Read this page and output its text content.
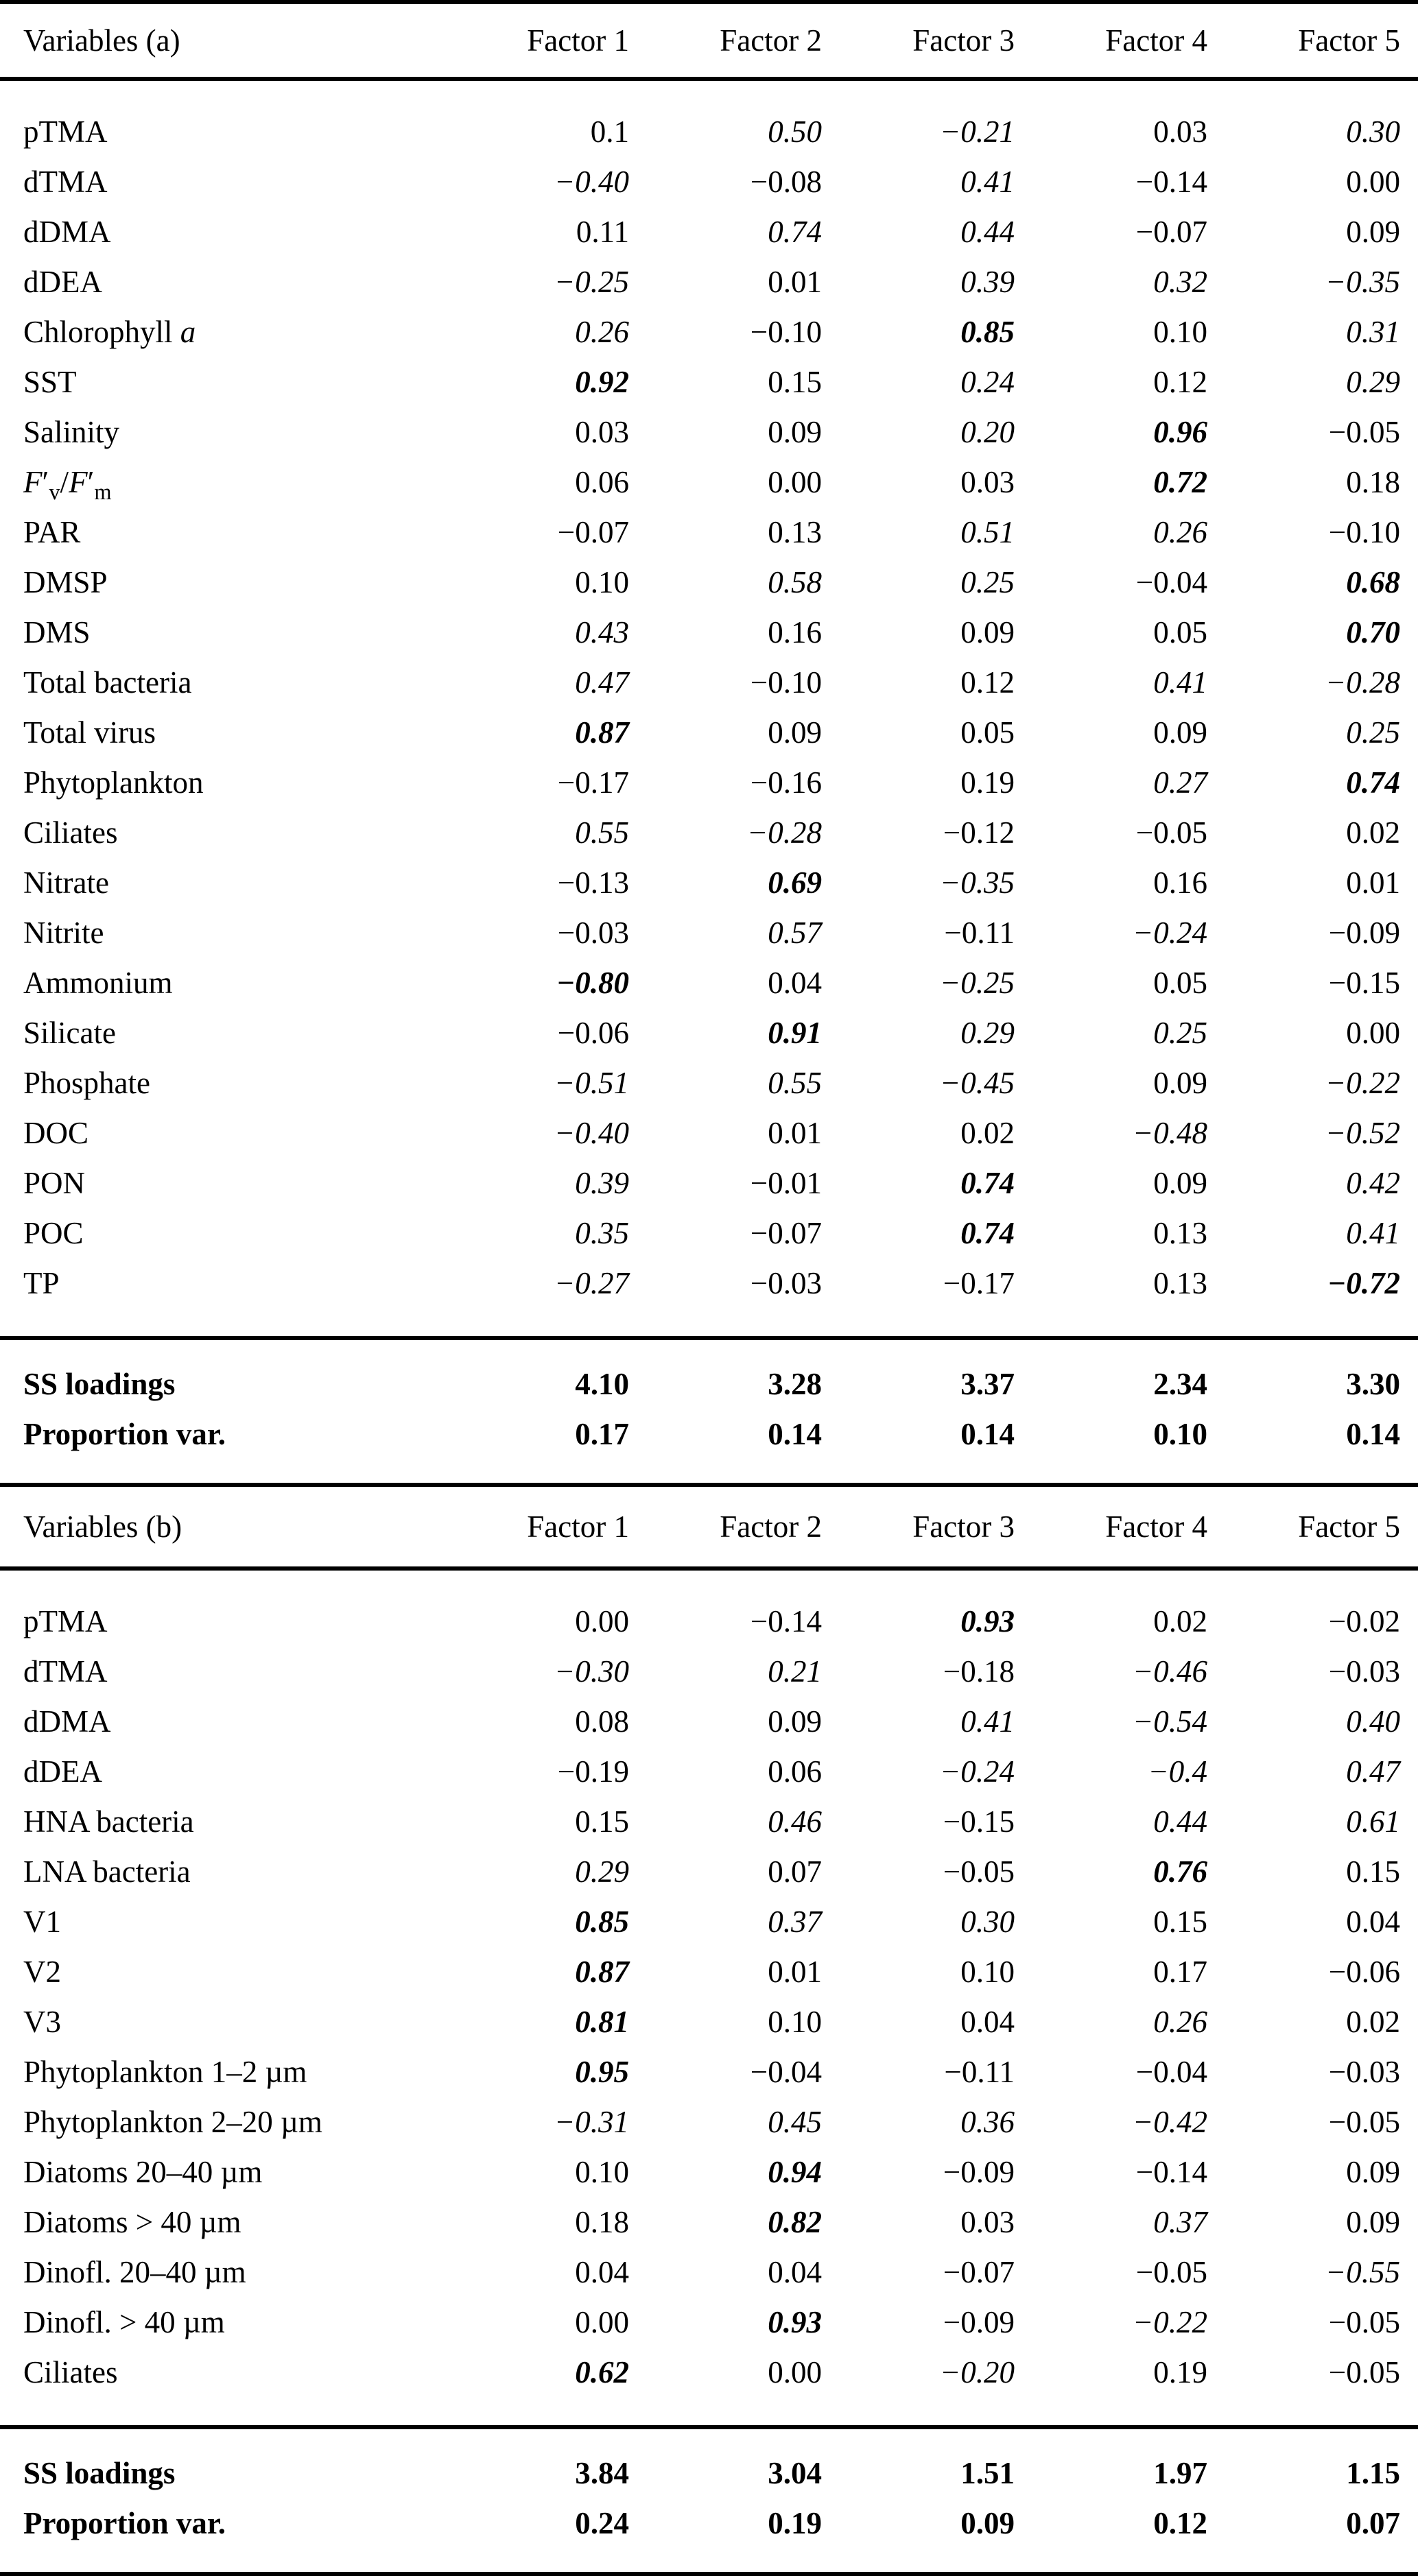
Variables (a)	Factor 1	Factor 2	Factor 3	Factor 4	Factor 5
pTMA	0.1	0.50	−0.21	0.03	0.30
dTMA	−0.40	−0.08	0.41	−0.14	0.00
dDMA	0.11	0.74	0.44	−0.07	0.09
dDEA	−0.25	0.01	0.39	0.32	−0.35
Chlorophyll a	0.26	−0.10	0.85	0.10	0.31
SST	0.92	0.15	0.24	0.12	0.29
Salinity	0.03	0.09	0.20	0.96	−0.05
$F'_v/F'_m$	0.06	0.00	0.03	0.72	0.18
PAR	−0.07	0.13	0.51	0.26	−0.10
DMSP	0.10	0.58	0.25	−0.04	0.68
DMS	0.43	0.16	0.09	0.05	0.70
Total bacteria	0.47	−0.10	0.12	0.41	−0.28
Total virus	0.87	0.09	0.05	0.09	0.25
Phytoplankton	−0.17	−0.16	0.19	0.27	0.74
Ciliates	0.55	−0.28	−0.12	−0.05	0.02
Nitrate	−0.13	0.69	−0.35	0.16	0.01
Nitrite	−0.03	0.57	−0.11	−0.24	−0.09
Ammonium	−0.80	0.04	−0.25	0.05	−0.15
Silicate	−0.06	0.91	0.29	0.25	0.00
Phosphate	−0.51	0.55	−0.45	0.09	−0.22
DOC	−0.40	0.01	0.02	−0.48	−0.52
PON	0.39	−0.01	0.74	0.09	0.42
POC	0.35	−0.07	0.74	0.13	0.41
TP	−0.27	−0.03	−0.17	0.13	−0.72
SS loadings	4.10	3.28	3.37	2.34	3.30
Proportion var.	0.17	0.14	0.14	0.10	0.14
Variables (b)	Factor 1	Factor 2	Factor 3	Factor 4	Factor 5
pTMA	0.00	−0.14	0.93	0.02	−0.02
dTMA	−0.30	0.21	−0.18	−0.46	−0.03
dDMA	0.08	0.09	0.41	−0.54	0.40
dDEA	−0.19	0.06	−0.24	−0.4	0.47
HNA bacteria	0.15	0.46	−0.15	0.44	0.61
LNA bacteria	0.29	0.07	−0.05	0.76	0.15
V1	0.85	0.37	0.30	0.15	0.04
V2	0.87	0.01	0.10	0.17	−0.06
V3	0.81	0.10	0.04	0.26	0.02
Phytoplankton 1–2 µm	0.95	−0.04	−0.11	−0.04	−0.03
Phytoplankton 2–20 µm	−0.31	0.45	0.36	−0.42	−0.05
Diatoms 20–40 µm	0.10	0.94	−0.09	−0.14	0.09
Diatoms > 40 µm	0.18	0.82	0.03	0.37	0.09
Dinofl. 20–40 µm	0.04	0.04	−0.07	−0.05	−0.55
Dinofl. > 40 µm	0.00	0.93	−0.09	−0.22	−0.05
Ciliates	0.62	0.00	−0.20	0.19	−0.05
SS loadings	3.84	3.04	1.51	1.97	1.15
Proportion var.	0.24	0.19	0.09	0.12	0.07
